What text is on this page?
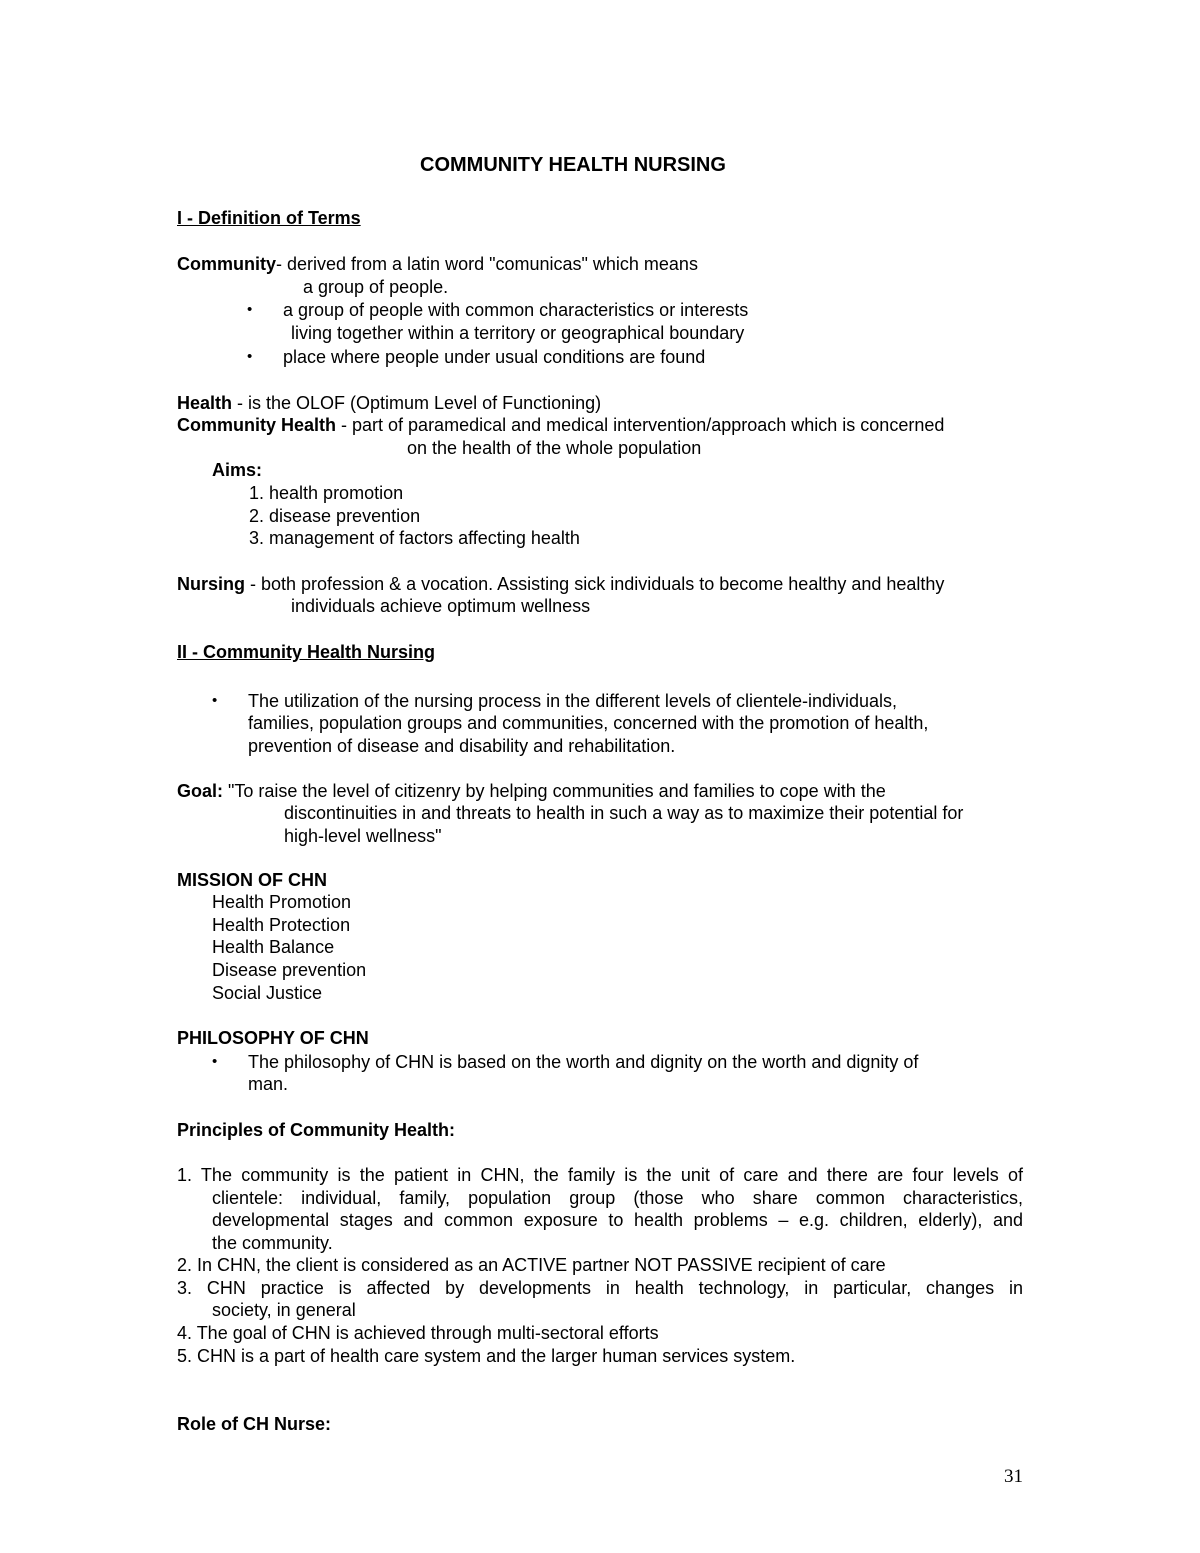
COMMUNITY HEALTH NURSING
I - Definition of Terms
Community- derived from a latin word "comunicas" which means
a group of people.
• a group of people with common characteristics or interests
living together within a territory or geographical boundary
• place where people under usual conditions are found
Health - is the OLOF (Optimum Level of Functioning)
Community Health - part of paramedical and medical intervention/approach which is concerned
on the health of the whole population
Aims:
1. health promotion
2. disease prevention
3. management of factors affecting health
Nursing - both profession & a vocation. Assisting sick individuals to become healthy and healthy
individuals achieve optimum wellness
II - Community Health Nursing
• The utilization of the nursing process in the different levels of clientele-individuals,
families, population groups and communities, concerned with the promotion of health,
prevention of disease and disability and rehabilitation.
Goal: "To raise the level of citizenry by helping communities and families to cope with the
discontinuities in and threats to health in such a way as to maximize their potential for
high-level wellness"
MISSION OF CHN
Health Promotion
Health Protection
Health Balance
Disease prevention
Social Justice
PHILOSOPHY OF CHN
• The philosophy of CHN is based on the worth and dignity on the worth and dignity of
man.
Principles of Community Health:
1. The community is the patient in CHN, the family is the unit of care and there are four levels of
clientele: individual, family, population group (those who share common characteristics,
developmental stages and common exposure to health problems – e.g. children, elderly), and
the community.
2. In CHN, the client is considered as an ACTIVE partner NOT PASSIVE recipient of care
3. CHN practice is affected by developments in health technology, in particular, changes in
society, in general
4. The goal of CHN is achieved through multi-sectoral efforts
5. CHN is a part of health care system and the larger human services system.
Role of CH Nurse:
31
